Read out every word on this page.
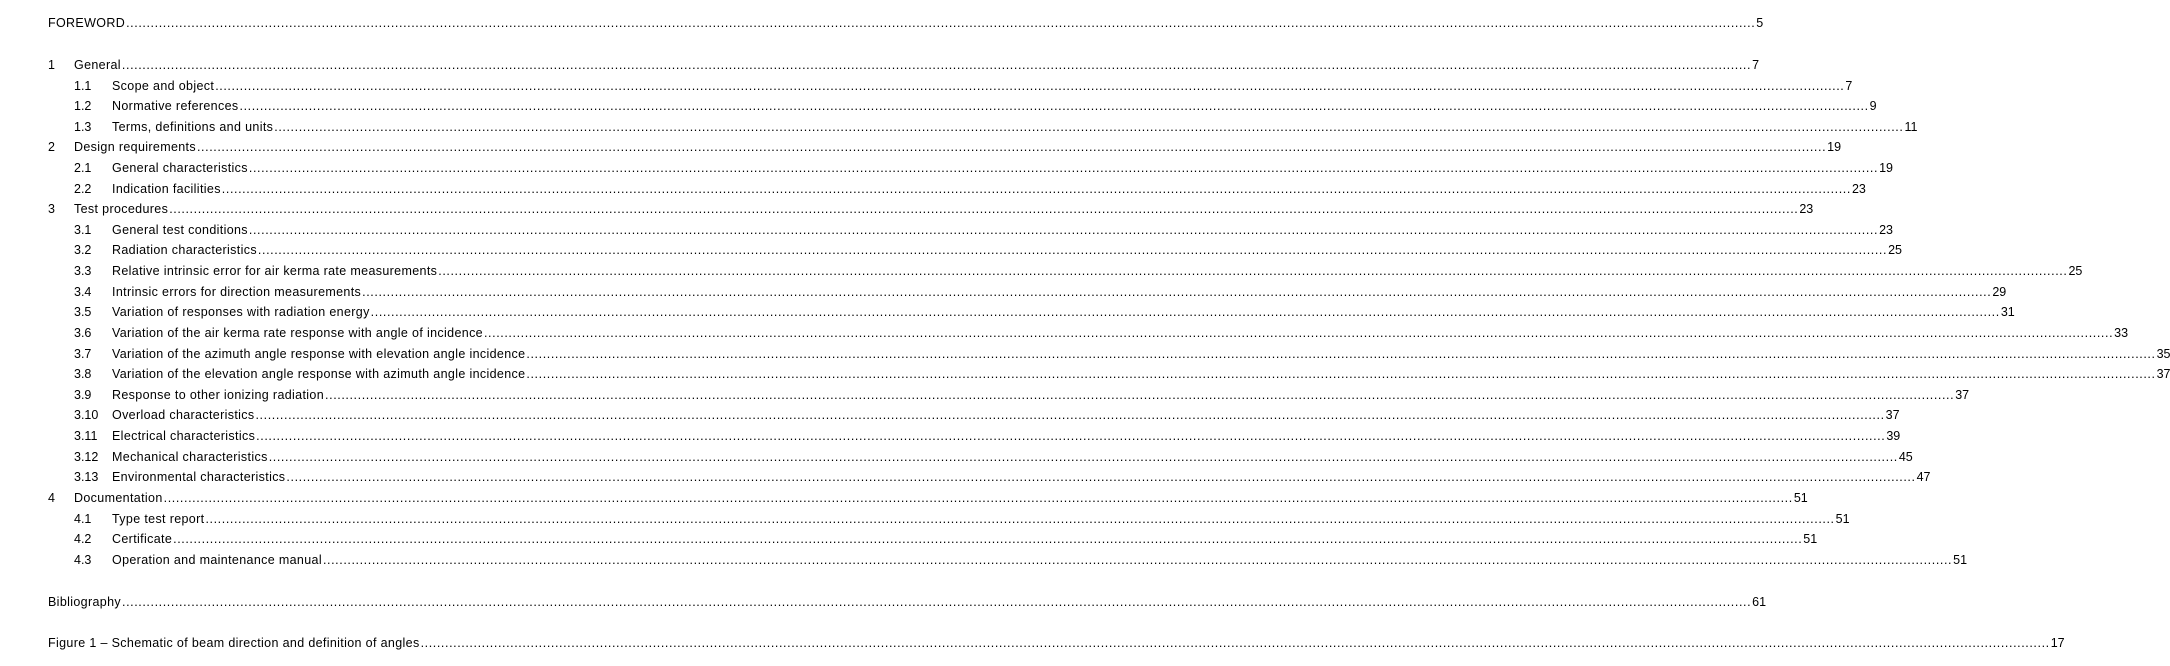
FOREWORD ................................................................................................................................................................................................................................................................................................................................................................................................................ 5
1 General ................................................................................................................................................................................................................................................................................................................................................................................................................ 7
1.1 Scope and object ................................................................................................................................................................................................................................................................................................................................................................................................................ 7
1.2 Normative references ................................................................................................................................................................................................................................................................................................................................................................................................................ 9
1.3 Terms, definitions and units ................................................................................................................................................................................................................................................................................................................................................................................................................ 11
2 Design requirements ................................................................................................................................................................................................................................................................................................................................................................................................................ 19
2.1 General characteristics ................................................................................................................................................................................................................................................................................................................................................................................................................ 19
2.2 Indication facilities ................................................................................................................................................................................................................................................................................................................................................................................................................ 23
3 Test procedures ................................................................................................................................................................................................................................................................................................................................................................................................................ 23
3.1 General test conditions ................................................................................................................................................................................................................................................................................................................................................................................................................ 23
3.2 Radiation characteristics ................................................................................................................................................................................................................................................................................................................................................................................................................ 25
3.3 Relative intrinsic error for air kerma rate measurements ................................................................................................................................................................................................................................................................................................................................................................................................................ 25
3.4 Intrinsic errors for direction measurements ................................................................................................................................................................................................................................................................................................................................................................................................................ 29
3.5 Variation of responses with radiation energy ................................................................................................................................................................................................................................................................................................................................................................................................................ 31
3.6 Variation of the air kerma rate response with angle of incidence ................................................................................................................................................................................................................................................................................................................................................................................................................ 33
3.7 Variation of the azimuth angle response with elevation angle incidence ................................................................................................................................................................................................................................................................................................................................................................................................................ 35
3.8 Variation of the elevation angle response with azimuth angle incidence ................................................................................................................................................................................................................................................................................................................................................................................................................ 37
3.9 Response to other ionizing radiation ................................................................................................................................................................................................................................................................................................................................................................................................................ 37
3.10 Overload characteristics ................................................................................................................................................................................................................................................................................................................................................................................................................ 37
3.11 Electrical characteristics ................................................................................................................................................................................................................................................................................................................................................................................................................ 39
3.12 Mechanical characteristics ................................................................................................................................................................................................................................................................................................................................................................................................................ 45
3.13 Environmental characteristics ................................................................................................................................................................................................................................................................................................................................................................................................................ 47
4 Documentation ................................................................................................................................................................................................................................................................................................................................................................................................................ 51
4.1 Type test report ................................................................................................................................................................................................................................................................................................................................................................................................................ 51
4.2 Certificate ................................................................................................................................................................................................................................................................................................................................................................................................................ 51
4.3 Operation and maintenance manual ................................................................................................................................................................................................................................................................................................................................................................................................................ 51
Bibliography ................................................................................................................................................................................................................................................................................................................................................................................................................ 61
Figure 1 – Schematic of beam direction and definition of angles ................................................................................................................................................................................................................................................................................................................................................................................................................ 17
